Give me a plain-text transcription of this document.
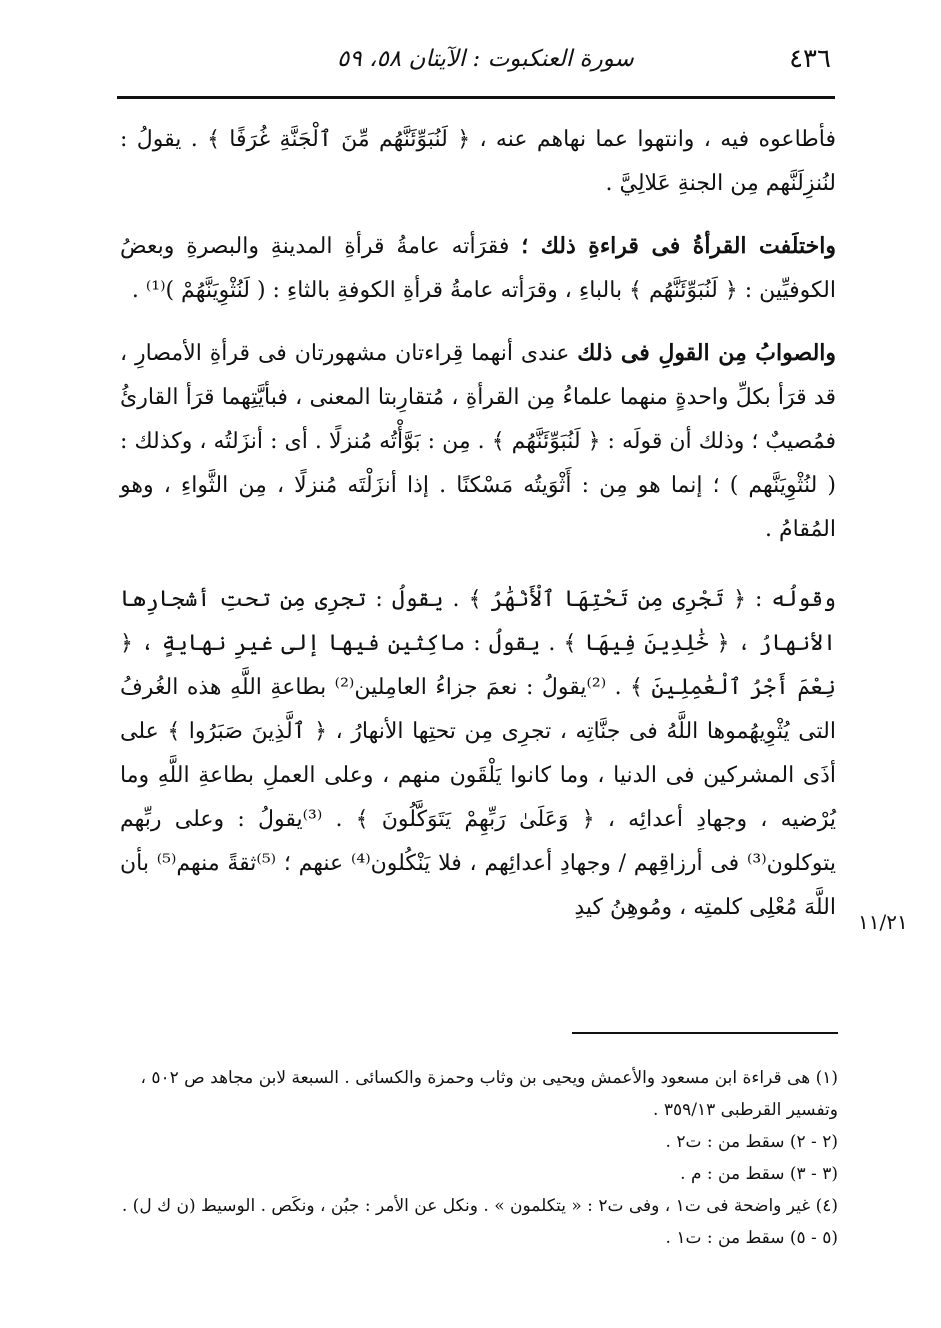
٤٣٦
سورة العنكبوت : الآيتان ٥٨، ٥٩

فأطاعوه فيه ، وانتهوا عما نهاهم عنه ، ﴿ لَنُبَوِّئَنَّهُم مِّنَ ٱلْجَنَّةِ غُرَفًا ﴾ . يقولُ : لنُنزِلَنَّهم مِن الجنةِ عَلالِيَّ .

واختلَفت القرأةُ فى قراءةِ ذلك ؛ فقرَأته عامةُ قرأةِ المدينةِ والبصرةِ وبعضُ الكوفيِّين : ﴿ لَنُبَوِّئَنَّهُم ﴾ بالباءِ ، وقرَأته عامةُ قرأةِ الكوفةِ بالثاءِ : ( لَنُثْوِيَنَّهُمْ )⁽¹⁾ .

والصوابُ مِن القولِ فى ذلك عندى أنهما قِراءتان مشهورتان فى قرأةِ الأمصارِ ، قد قرَأ بكلِّ واحدةٍ منهما علماءُ مِن القرأةِ ، مُتقارِبتا المعنى ، فبأيَّتِهما قرَأ القارئُ فمُصيبٌ ؛ وذلك أن قولَه : ﴿ لَنُبَوِّئَنَّهُم ﴾ . مِن : بَوَّأْتُه مُنزلًا . أى : أنزَلتُه ، وكذلك : ( لنُثْوِيَنَّهم ) ؛ إنما هو مِن : أَثْوَيتُه مَسْكنًا . إذا أنزَلْتَه مُنزلًا ، مِن الثَّواءِ ، وهو المُقامُ .

وقولُه : ﴿ تَجْرِى مِن تَحْتِهَا ٱلْأَنْهَٰرُ ﴾ . يقولُ : تجرِى مِن تحتِ أشجارِها الأنهارُ ، ﴿ خَٰلِدِينَ فِيهَا ﴾ . يقولُ : ماكِثين فيها إلى غيرِ نهايةٍ ، ﴿ نِعْمَ أَجْرُ ٱلْعَٰمِلِينَ ﴾ . ⁽²⁾يقولُ : نعمَ جزاءُ العامِلين⁽²⁾ بطاعةِ اللَّهِ هذه الغُرفُ التى يُثْوِيهُموها اللَّهُ فى جنَّاتِه ، تجرِى مِن تحتِها الأنهارُ ، ﴿ ٱلَّذِينَ صَبَرُوا ﴾ على أذَى المشركين فى الدنيا ، وما كانوا يَلْقَون منهم ، وعلى العملِ بطاعةِ اللَّهِ وما يُرْضيه ، وجهادِ أعدائِه ، ﴿ وَعَلَىٰ رَبِّهِمْ يَتَوَكَّلُونَ ﴾ . ⁽³⁾يقولُ : وعلى ربِّهم يتوكلون⁽³⁾ فى أرزاقِهم / وجهادِ أعدائِهم ، فلا يَنْكُلون⁽⁴⁾ عنهم ؛ ⁽⁵⁾ثقةً منهم⁽⁵⁾ بأن اللَّهَ مُعْلِى كلمتِه ، ومُوهِنُ كيدِ

١١/٢١

(١) هى قراءة ابن مسعود والأعمش ويحيى بن وثاب وحمزة والكسائى . السبعة لابن مجاهد ص ٥٠٢ ، وتفسير القرطبى ٣٥٩/١٣ .

(٢ - ٢) سقط من : ت٢ .

(٣ - ٣) سقط من : م .

(٤) غير واضحة فى ت١ ، وفى ت٢ : « يتكلمون » . ونكل عن الأمر : جبُن ، ونكَص . الوسيط (ن ك ل) .

(٥ - ٥) سقط من : ت١ .
